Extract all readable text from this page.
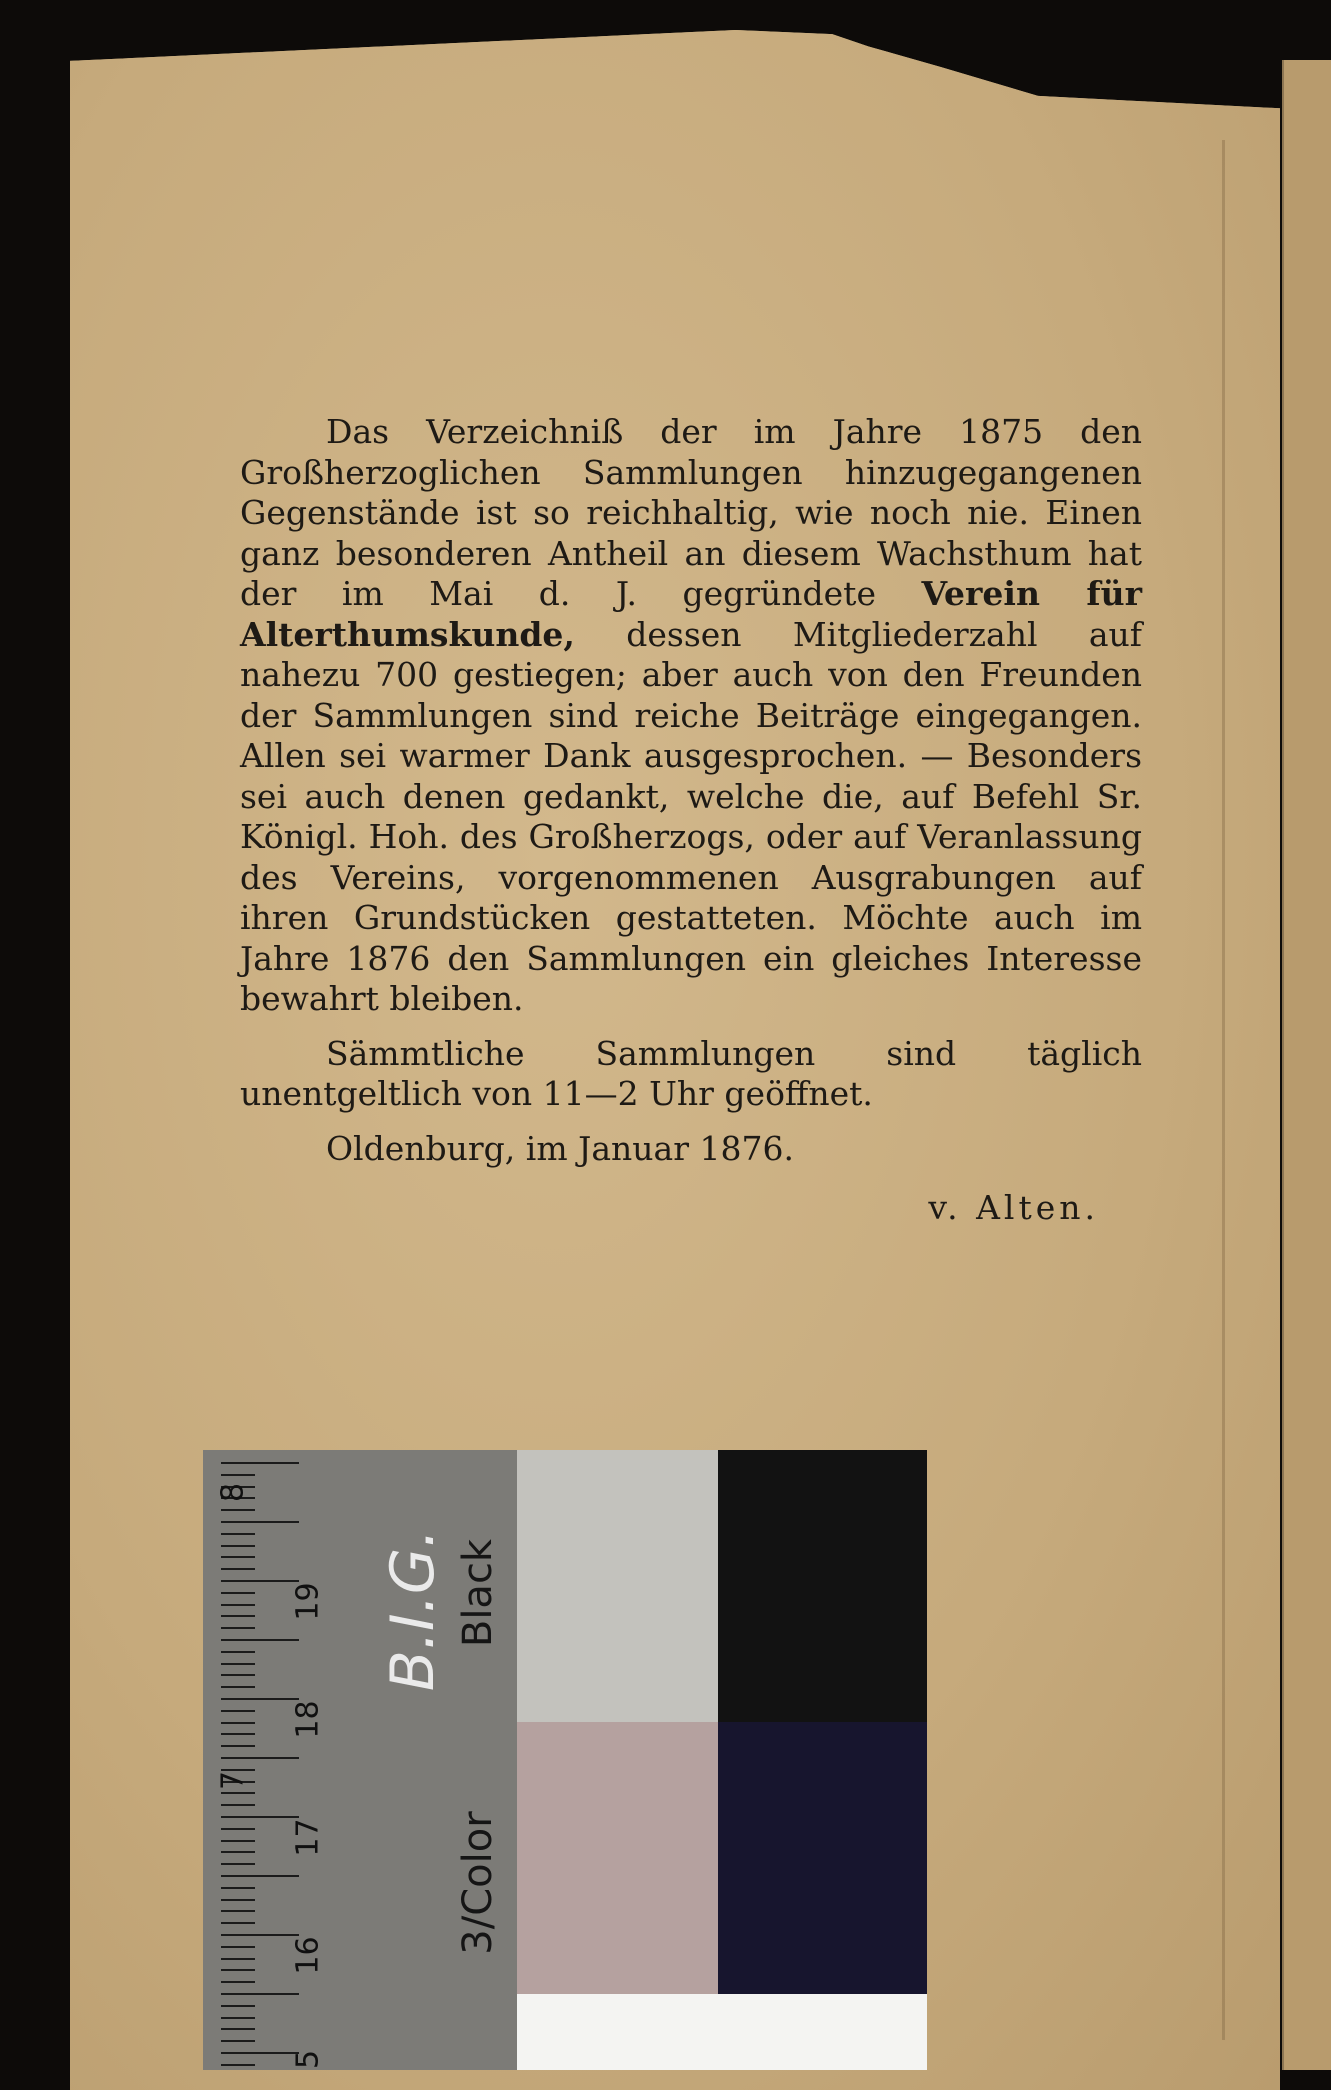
Das Verzeichniß der im Jahre 1875 den Großherzoglichen Sammlungen hinzugegangenen Gegenstände ist so reichhaltig, wie noch nie. Einen ganz besonderen Antheil an diesem Wachsthum hat der im Mai d. J. gegründete Verein für Alterthumskunde, dessen Mitgliederzahl auf nahezu 700 gestiegen; aber auch von den Freunden der Sammlungen sind reiche Beiträge eingegangen. Allen sei warmer Dank ausgesprochen. — Besonders sei auch denen gedankt, welche die, auf Befehl Sr. Königl. Hoh. des Großherzogs, oder auf Veranlassung des Vereins, vorgenommenen Ausgrabungen auf ihren Grundstücken gestatteten. Möchte auch im Jahre 1876 den Sammlungen ein gleiches Interesse bewahrt bleiben.

Sämmtliche Sammlungen sind täglich unentgeltlich von 11—2 Uhr geöffnet.

Oldenburg, im Januar 1876.

v. Alten.
8
7
19
18
17
16
5
B.I.G. Black
3/Color
